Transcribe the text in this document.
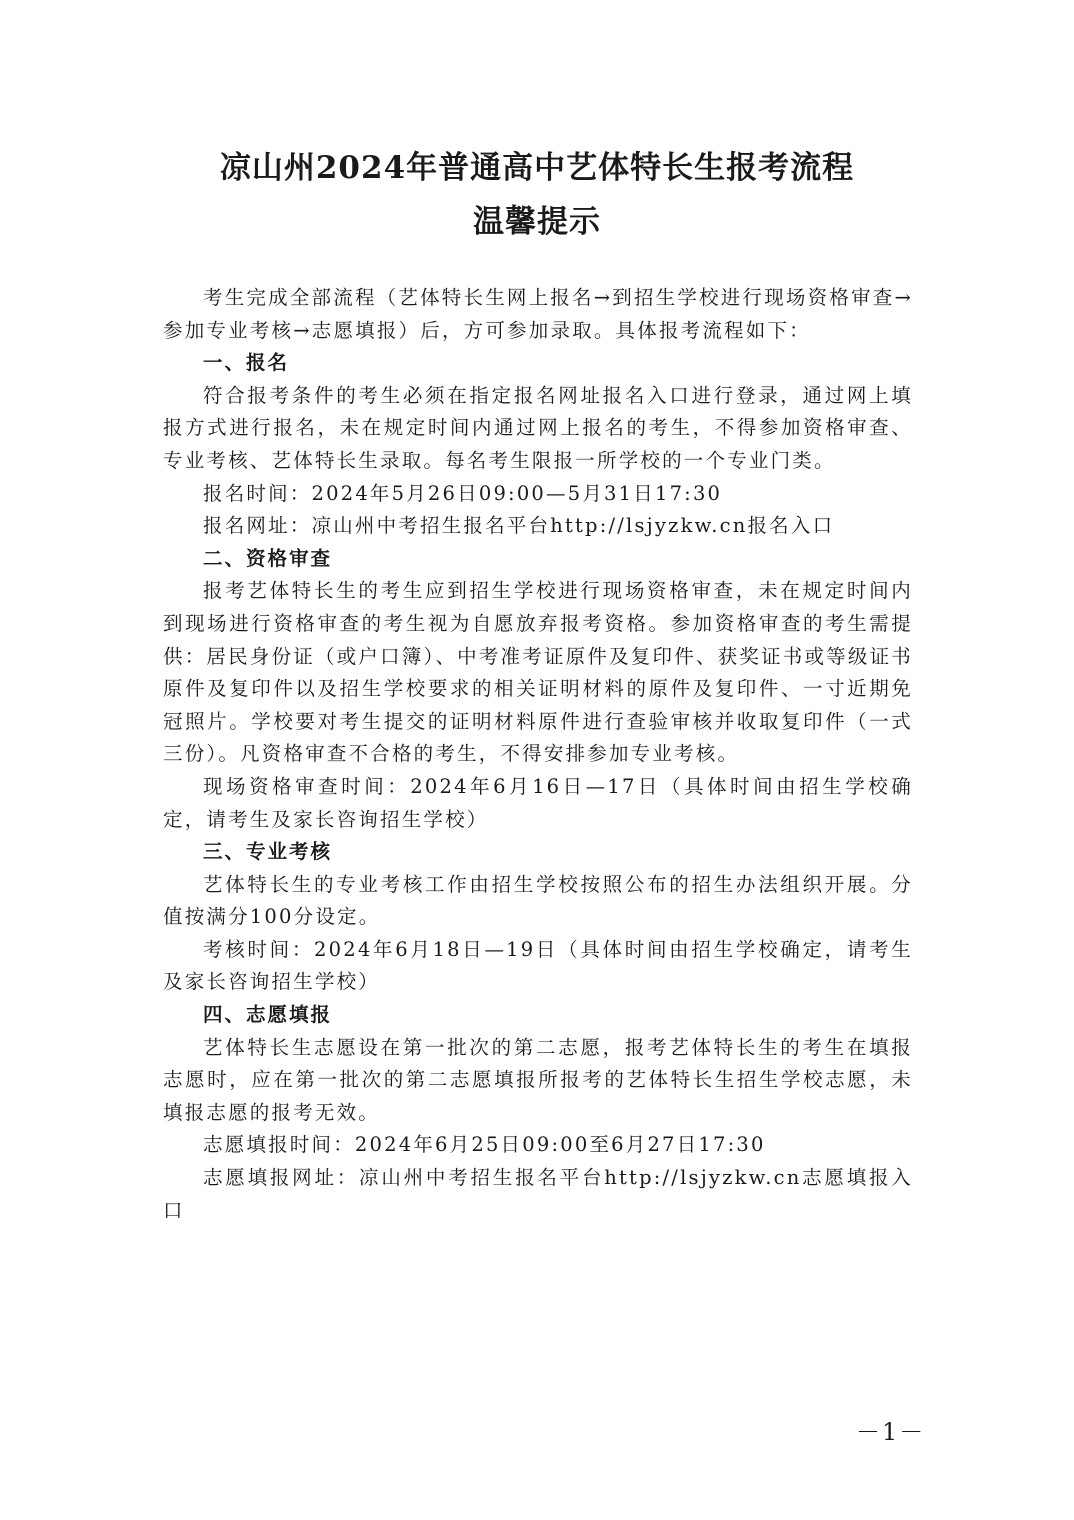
凉山州2024年普通高中艺体特长生报考流程
温馨提示

考生完成全部流程（艺体特长生网上报名→到招生学校进行现场资格审查→参加专业考核→志愿填报）后，方可参加录取。具体报考流程如下：

一、报名

符合报考条件的考生必须在指定报名网址报名入口进行登录，通过网上填报方式进行报名，未在规定时间内通过网上报名的考生，不得参加资格审查、专业考核、艺体特长生录取。每名考生限报一所学校的一个专业门类。

报名时间：2024年5月26日09:00—5月31日17:30

报名网址：凉山州中考招生报名平台http://lsjyzkw.cn报名入口

二、资格审查

报考艺体特长生的考生应到招生学校进行现场资格审查，未在规定时间内到现场进行资格审查的考生视为自愿放弃报考资格。参加资格审查的考生需提供：居民身份证（或户口簿）、中考准考证原件及复印件、获奖证书或等级证书原件及复印件以及招生学校要求的相关证明材料的原件及复印件、一寸近期免冠照片。学校要对考生提交的证明材料原件进行查验审核并收取复印件（一式三份）。凡资格审查不合格的考生，不得安排参加专业考核。

现场资格审查时间：2024年6月16日—17日（具体时间由招生学校确定，请考生及家长咨询招生学校）

三、专业考核

艺体特长生的专业考核工作由招生学校按照公布的招生办法组织开展。分值按满分100分设定。

考核时间：2024年6月18日—19日（具体时间由招生学校确定，请考生及家长咨询招生学校）

四、志愿填报

艺体特长生志愿设在第一批次的第二志愿，报考艺体特长生的考生在填报志愿时，应在第一批次的第二志愿填报所报考的艺体特长生招生学校志愿，未填报志愿的报考无效。

志愿填报时间：2024年6月25日09:00至6月27日17:30

志愿填报网址：凉山州中考招生报名平台http://lsjyzkw.cn志愿填报入口

－1－
